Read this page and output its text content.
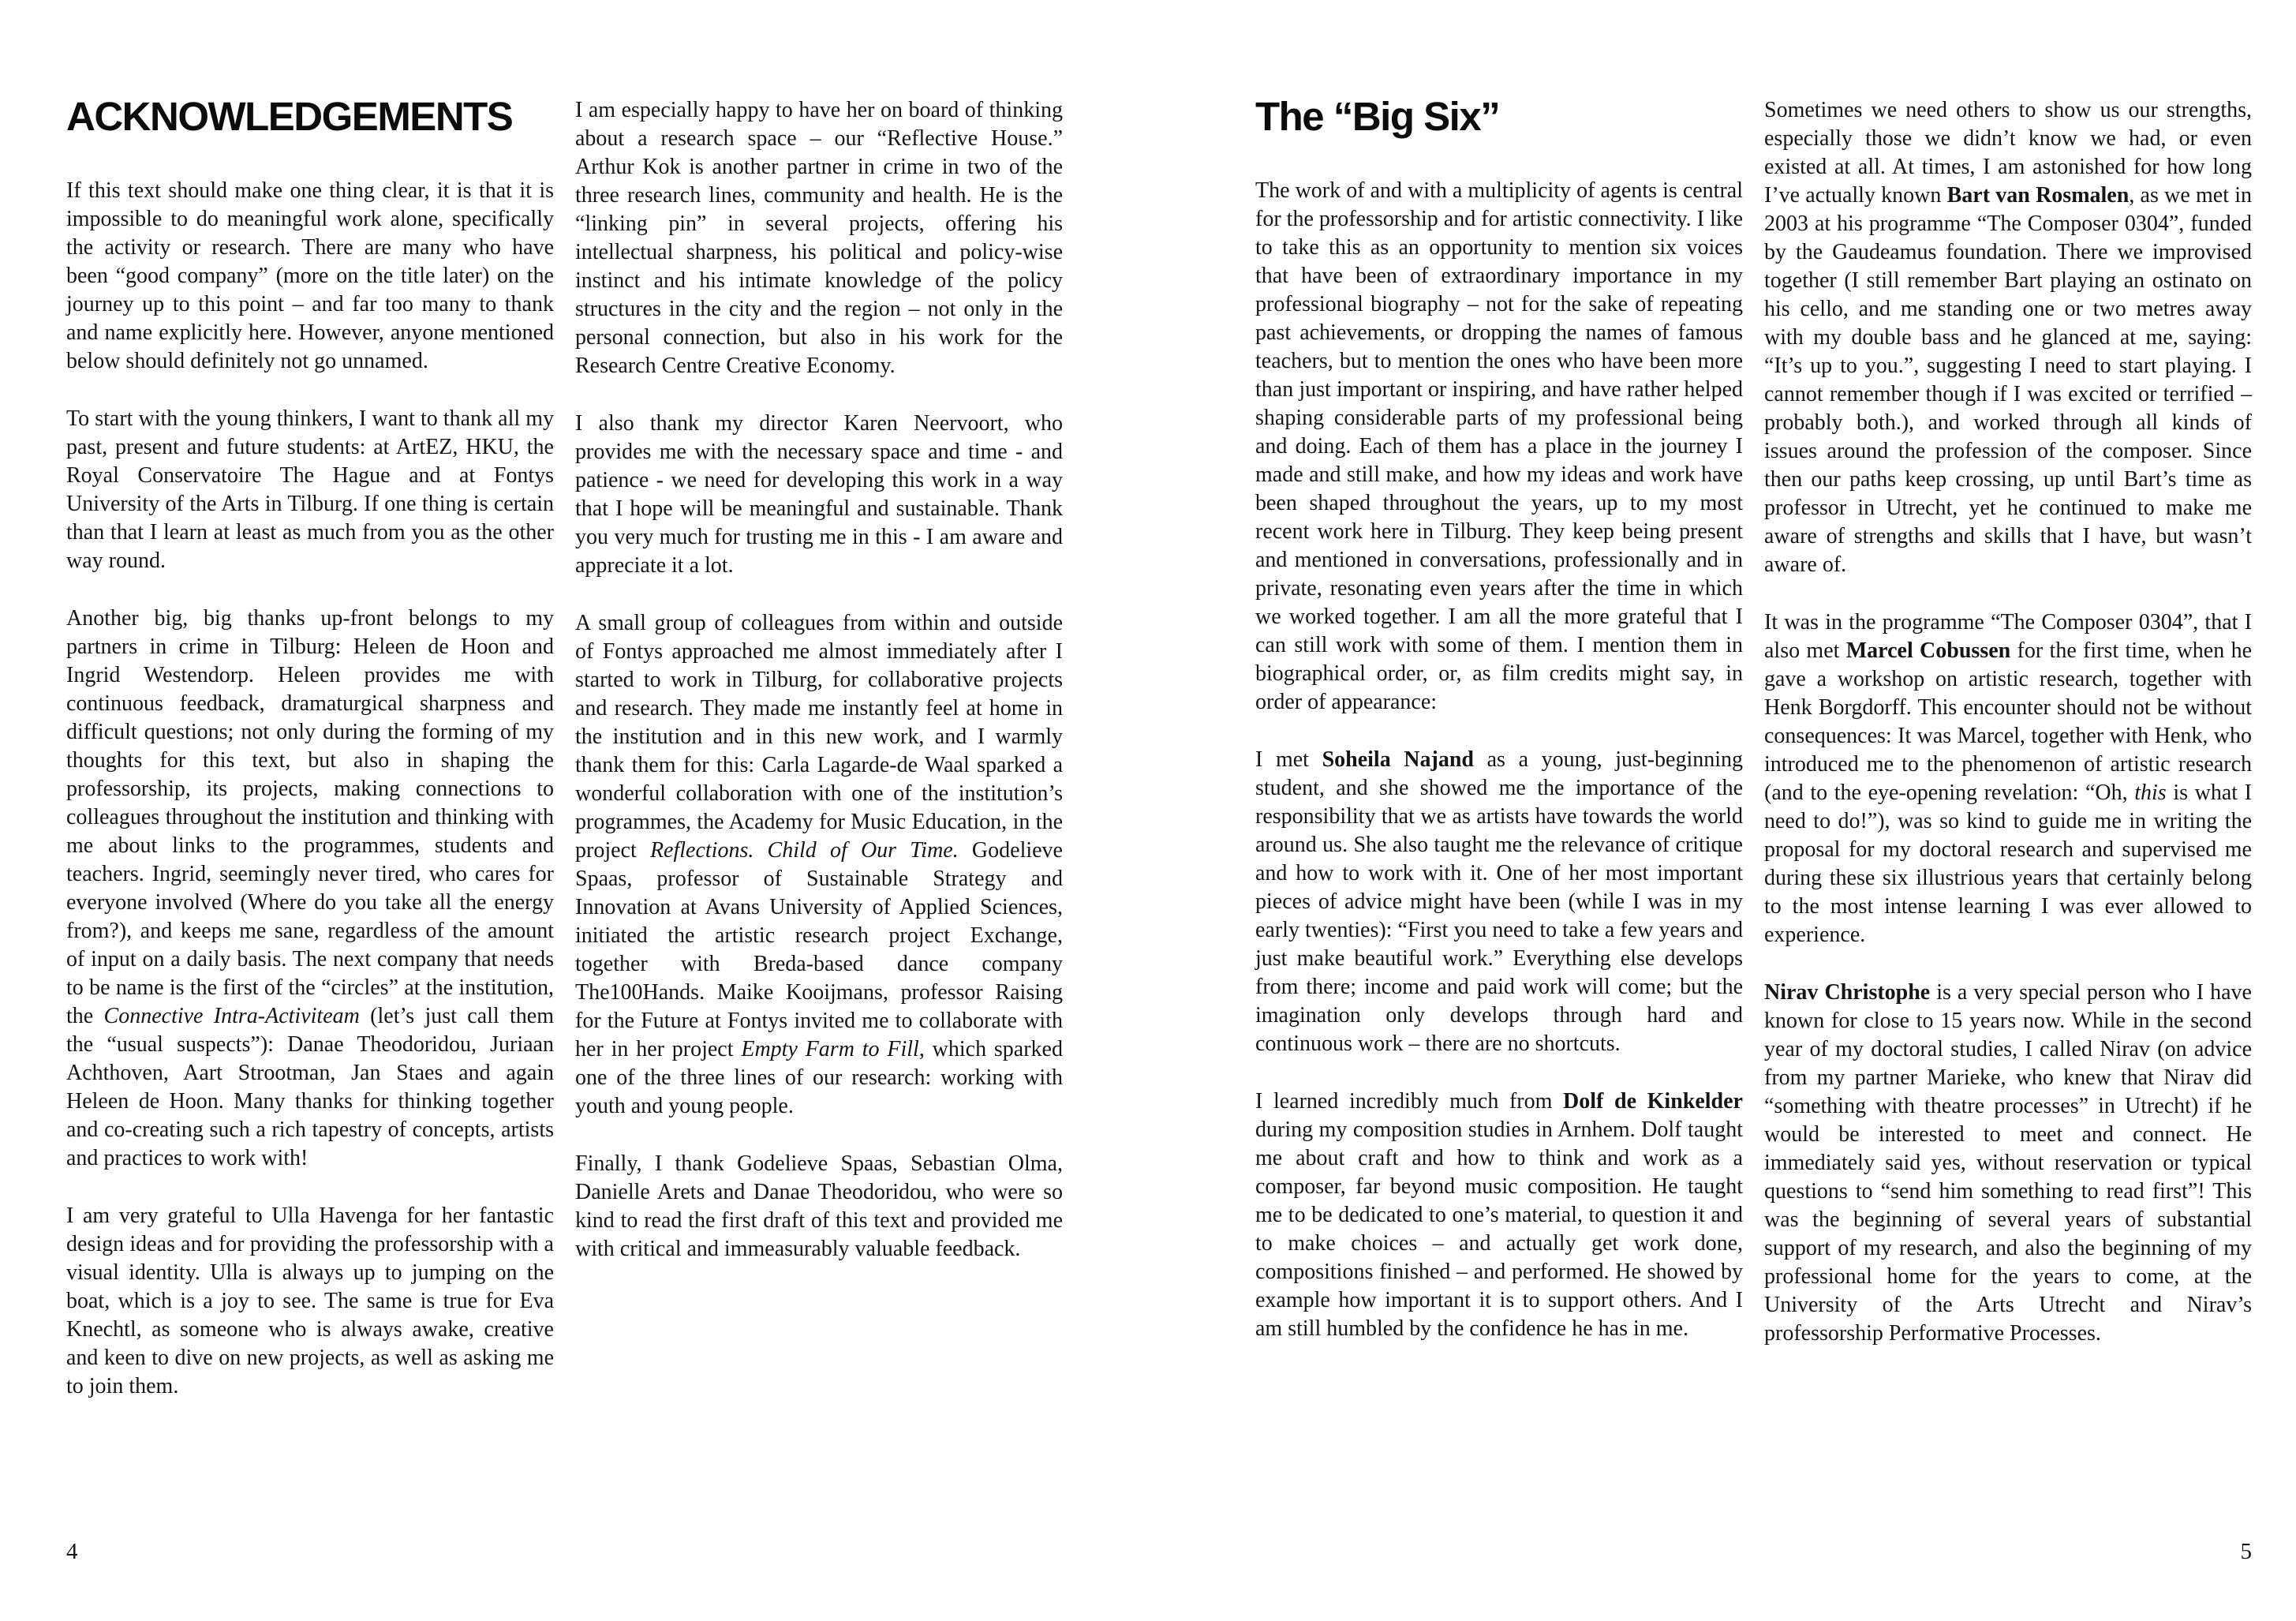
ACKNOWLEDGEMENTS

If this text should make one thing clear, it is that it is impossible to do meaningful work alone, specifically the activity or research. There are many who have been “good company” (more on the title later) on the journey up to this point – and far too many to thank and name explicitly here. However, anyone mentioned below should definitely not go unnamed.

To start with the young thinkers, I want to thank all my past, present and future students: at ArtEZ, HKU, the Royal Conservatoire The Hague and at Fontys University of the Arts in Tilburg. If one thing is certain than that I learn at least as much from you as the other way round.

Another big, big thanks up-front belongs to my partners in crime in Tilburg: Heleen de Hoon and Ingrid Westendorp. Heleen provides me with continuous feedback, dramaturgical sharpness and difficult questions; not only during the forming of my thoughts for this text, but also in shaping the professorship, its projects, making connections to colleagues throughout the institution and thinking with me about links to the programmes, students and teachers. Ingrid, seemingly never tired, who cares for everyone involved (Where do you take all the energy from?), and keeps me sane, regardless of the amount of input on a daily basis. The next company that needs to be name is the first of the “circles” at the institution, the Connective Intra-Activiteam (let’s just call them the “usual suspects”): Danae Theodoridou, Juriaan Achthoven, Aart Strootman, Jan Staes and again Heleen de Hoon. Many thanks for thinking together and co-creating such a rich tapestry of concepts, artists and practices to work with!

I am very grateful to Ulla Havenga for her fantastic design ideas and for providing the professorship with a visual identity. Ulla is always up to jumping on the boat, which is a joy to see. The same is true for Eva Knechtl, as someone who is always awake, creative and keen to dive on new projects, as well as asking me to join them.

I am especially happy to have her on board of thinking about a research space – our “Reflective House.” Arthur Kok is another partner in crime in two of the three research lines, community and health. He is the “linking pin” in several projects, offering his intellectual sharpness, his political and policy-wise instinct and his intimate knowledge of the policy structures in the city and the region – not only in the personal connection, but also in his work for the Research Centre Creative Economy.

I also thank my director Karen Neervoort, who provides me with the necessary space and time - and patience - we need for developing this work in a way that I hope will be meaningful and sustainable. Thank you very much for trusting me in this - I am aware and appreciate it a lot.

A small group of colleagues from within and outside of Fontys approached me almost immediately after I started to work in Tilburg, for collaborative projects and research. They made me instantly feel at home in the institution and in this new work, and I warmly thank them for this: Carla Lagarde-de Waal sparked a wonderful collaboration with one of the institution’s programmes, the Academy for Music Education, in the project Reflections. Child of Our Time. Godelieve Spaas, professor of Sustainable Strategy and Innovation at Avans University of Applied Sciences, initiated the artistic research project Exchange, together with Breda-based dance company The100Hands. Maike Kooijmans, professor Raising for the Future at Fontys invited me to collaborate with her in her project Empty Farm to Fill, which sparked one of the three lines of our research: working with youth and young people.

Finally, I thank Godelieve Spaas, Sebastian Olma, Danielle Arets and Danae Theodoridou, who were so kind to read the first draft of this text and provided me with critical and immeasurably valuable feedback.

4
The “Big Six”

The work of and with a multiplicity of agents is central for the professorship and for artistic connectivity. I like to take this as an opportunity to mention six voices that have been of extraordinary importance in my professional biography – not for the sake of repeating past achievements, or dropping the names of famous teachers, but to mention the ones who have been more than just important or inspiring, and have rather helped shaping considerable parts of my professional being and doing. Each of them has a place in the journey I made and still make, and how my ideas and work have been shaped throughout the years, up to my most recent work here in Tilburg. They keep being present and mentioned in conversations, professionally and in private, resonating even years after the time in which we worked together. I am all the more grateful that I can still work with some of them. I mention them in biographical order, or, as film credits might say, in order of appearance:

I met Soheila Najand as a young, just-beginning student, and she showed me the importance of the responsibility that we as artists have towards the world around us. She also taught me the relevance of critique and how to work with it. One of her most important pieces of advice might have been (while I was in my early twenties): “First you need to take a few years and just make beautiful work.” Everything else develops from there; income and paid work will come; but the imagination only develops through hard and continuous work – there are no shortcuts.

I learned incredibly much from Dolf de Kinkelder during my composition studies in Arnhem. Dolf taught me about craft and how to think and work as a composer, far beyond music composition. He taught me to be dedicated to one’s material, to question it and to make choices – and actually get work done, compositions finished – and performed. He showed by example how important it is to support others. And I am still humbled by the confidence he has in me.

Sometimes we need others to show us our strengths, especially those we didn’t know we had, or even existed at all. At times, I am astonished for how long I’ve actually known Bart van Rosmalen, as we met in 2003 at his programme “The Composer 0304”, funded by the Gaudeamus foundation. There we improvised together (I still remember Bart playing an ostinato on his cello, and me standing one or two metres away with my double bass and he glanced at me, saying: “It’s up to you.”, suggesting I need to start playing. I cannot remember though if I was excited or terrified – probably both.), and worked through all kinds of issues around the profession of the composer. Since then our paths keep crossing, up until Bart’s time as professor in Utrecht, yet he continued to make me aware of strengths and skills that I have, but wasn’t aware of.

It was in the programme “The Composer 0304”, that I also met Marcel Cobussen for the first time, when he gave a workshop on artistic research, together with Henk Borgdorff. This encounter should not be without consequences: It was Marcel, together with Henk, who introduced me to the phenomenon of artistic research (and to the eye-opening revelation: “Oh, this is what I need to do!”), was so kind to guide me in writing the proposal for my doctoral research and supervised me during these six illustrious years that certainly belong to the most intense learning I was ever allowed to experience.

Nirav Christophe is a very special person who I have known for close to 15 years now. While in the second year of my doctoral studies, I called Nirav (on advice from my partner Marieke, who knew that Nirav did “something with theatre processes” in Utrecht) if he would be interested to meet and connect. He immediately said yes, without reservation or typical questions to “send him something to read first”! This was the beginning of several years of substantial support of my research, and also the beginning of my professional home for the years to come, at the University of the Arts Utrecht and Nirav’s professorship Performative Processes.

5
